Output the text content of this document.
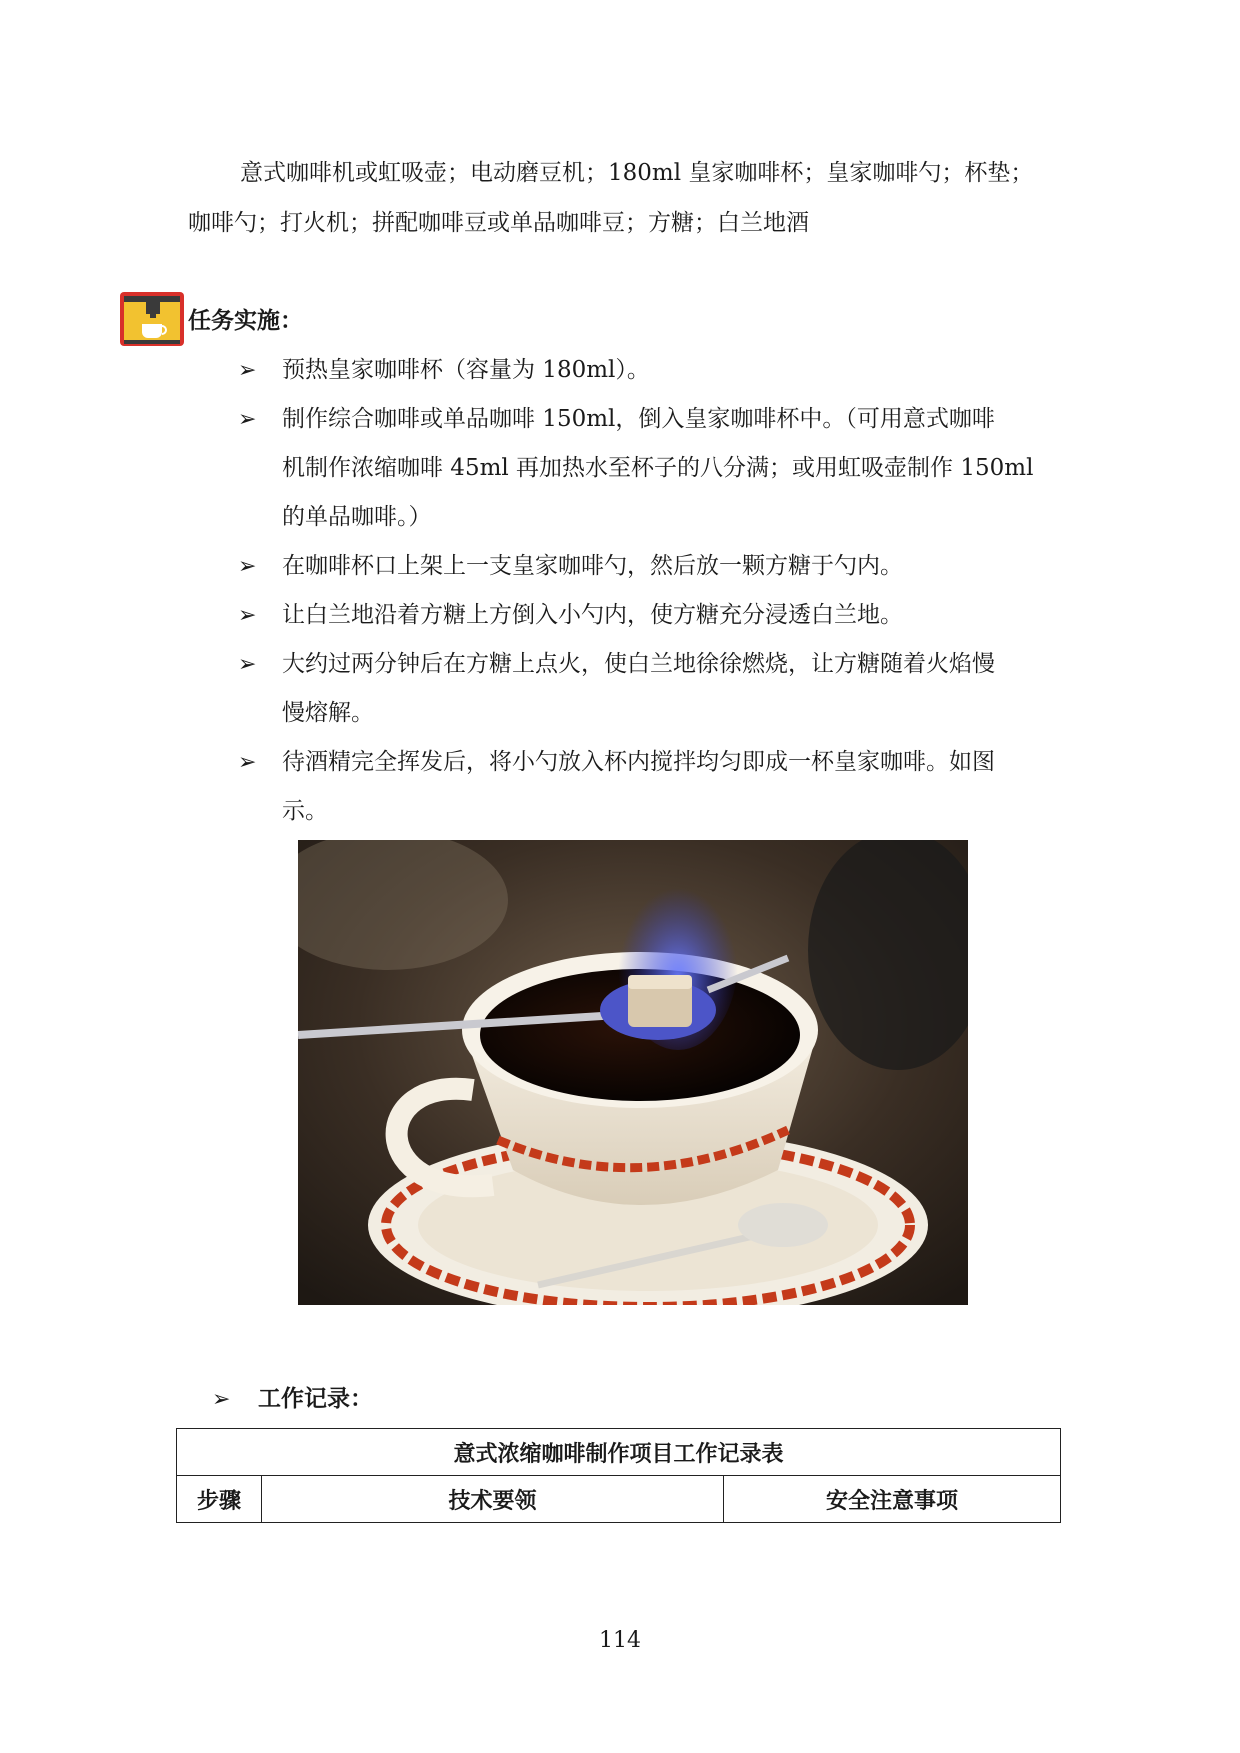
意式咖啡机或虹吸壶；电动磨豆机；180ml 皇家咖啡杯；皇家咖啡勺；杯垫；
咖啡勺；打火机；拼配咖啡豆或单品咖啡豆；方糖；白兰地酒
任务实施：
➢ 预热皇家咖啡杯（容量为 180ml）。
➢ 制作综合咖啡或单品咖啡 150ml，倒入皇家咖啡杯中。（可用意式咖啡
机制作浓缩咖啡 45ml 再加热水至杯子的八分满；或用虹吸壶制作 150ml
的单品咖啡。）
➢ 在咖啡杯口上架上一支皇家咖啡勺，然后放一颗方糖于勺内。
➢ 让白兰地沿着方糖上方倒入小勺内，使方糖充分浸透白兰地。
➢ 大约过两分钟后在方糖上点火，使白兰地徐徐燃烧，让方糖随着火焰慢
慢熔解。
➢ 待酒精完全挥发后，将小勺放入杯内搅拌均匀即成一杯皇家咖啡。如图
示。
➢ 工作记录：
意式浓缩咖啡制作项目工作记录表
步骤	技术要领	安全注意事项
114
